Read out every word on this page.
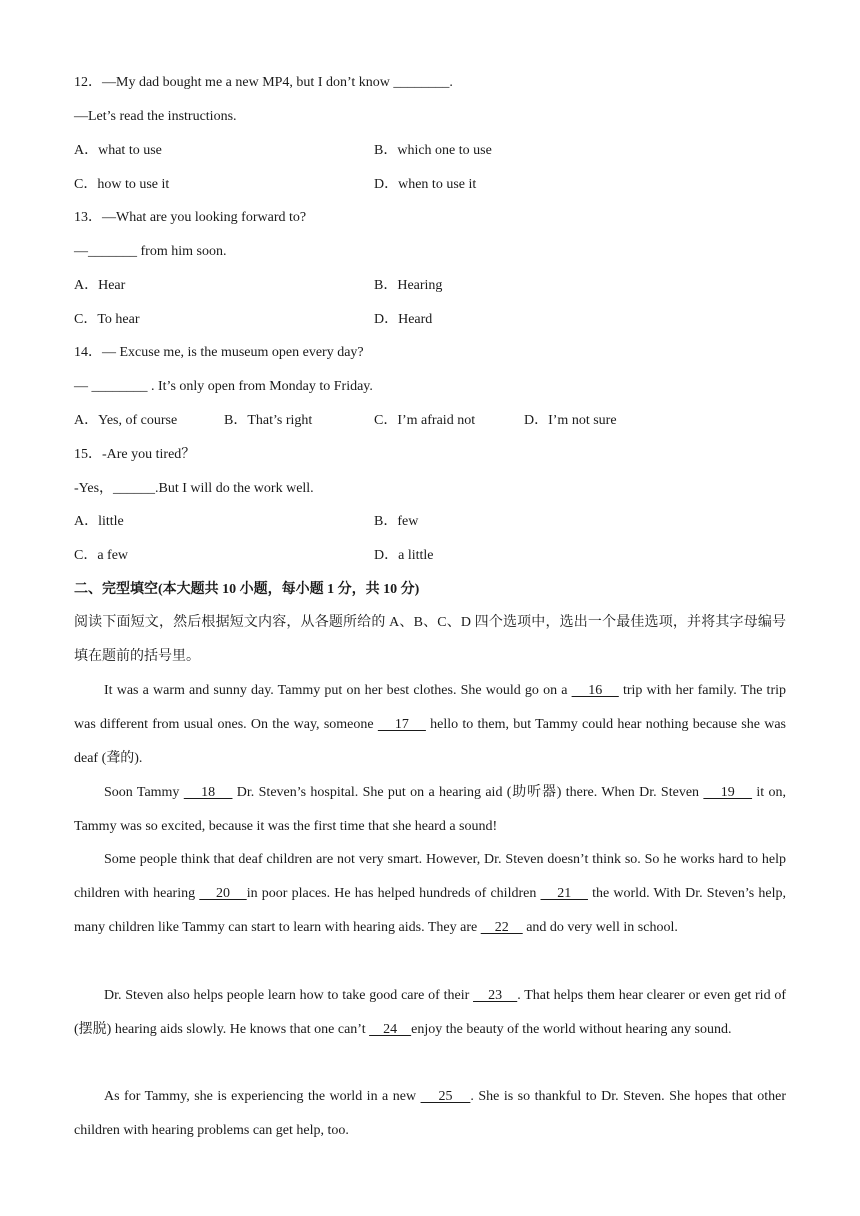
12．—My dad bought me a new MP4, but I don’t know ________.
—Let’s read the instructions.
A．what to use	B．which one to use
C．how to use it	D．when to use it
13．—What are you looking forward to?
—_______ from him soon.
A．Hear	B．Hearing
C．To hear	D．Heard
14．— Excuse me, is the museum open every day?
— ________ . It’s only open from Monday to Friday.
A．Yes, of course	B．That’s right	C．I’m afraid not	D．I’m not sure
15．-Are you tired？
-Yes，______.But I will do the work well.
A．little	B．few
C．a few	D．a little
二、完型填空(本大题共 10 小题，每小题 1 分，共 10 分)
阅读下面短文，然后根据短文内容，从各题所给的 A、B、C、D 四个选项中，选出一个最佳选项，并将其字母编号填在题前的括号里。
It was a warm and sunny day. Tammy put on her best clothes. She would go on a     16     trip with her family. The trip was different from usual ones. On the way, someone     17     hello to them, but Tammy could hear nothing because she was deaf (聋的).
Soon Tammy     18     Dr. Steven’s hospital. She put on a hearing aid (助听器) there. When Dr. Steven     19     it on, Tammy was so excited, because it was the first time that she heard a sound!
Some people think that deaf children are not very smart. However, Dr. Steven doesn’t think so. So he works hard to help children with hearing     20    in poor places. He has helped hundreds of children     21     the world. With Dr. Steven’s help, many children like Tammy can start to learn with hearing aids. They are     22     and do very well in school.
Dr. Steven also helps people learn how to take good care of their     23    . That helps them hear clearer or even get rid of (摆脱) hearing aids slowly. He knows that one can’t     24    enjoy the beauty of the world without hearing any sound.
As for Tammy, she is experiencing the world in a new     25    . She is so thankful to Dr. Steven. She hopes that other children with hearing problems can get help, too.
